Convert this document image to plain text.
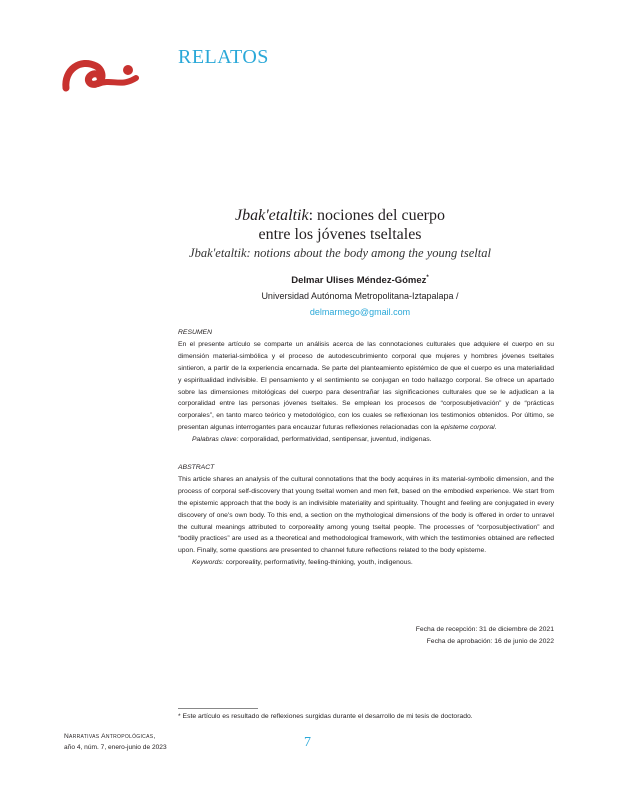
RELATOS
Jbak'etaltik: nociones del cuerpo
entre los jóvenes tseltales
Jbak'etaltik: notions about the body among the young tseltal
Delmar Ulises Méndez-Gómez*
Universidad Autónoma Metropolitana-Iztapalapa /
delmarmego@gmail.com
RESUMEN
En el presente artículo se comparte un análisis acerca de las connotaciones culturales que adquiere el cuerpo en su dimensión material-simbólica y el proceso de autodescubrimiento corporal que mujeres y hombres jóvenes tseltales sintieron, a partir de la experiencia encarnada. Se parte del planteamiento epistémico de que el cuerpo es una materialidad y espiritualidad indivisible. El pensamiento y el sentimiento se conjugan en todo hallazgo corporal. Se ofrece un apartado sobre las dimensiones mitológicas del cuerpo para desentrañar las significaciones culturales que se le adjudican a la corporalidad entre las personas jóvenes tseltales. Se emplean los procesos de “corposubjetivación” y de “prácticas corporales”, en tanto marco teórico y metodológico, con los cuales se reflexionan los testimonios obtenidos. Por último, se presentan algunas interrogantes para encauzar futuras reflexiones relacionadas con la episteme corporal.
Palabras clave: corporalidad, performatividad, sentipensar, juventud, indígenas.
ABSTRACT
This article shares an analysis of the cultural connotations that the body acquires in its material-symbolic dimension, and the process of corporal self-discovery that young tseltal women and men felt, based on the embodied experience. We start from the epistemic approach that the body is an indivisible materiality and spirituality. Thought and feeling are conjugated in every discovery of one's own body. To this end, a section on the mythological dimensions of the body is offered in order to unravel the cultural meanings attributed to corporeality among young tseltal people. The processes of “corposubjectivation” and “bodily practices” are used as a theoretical and methodological framework, with which the testimonies obtained are reflected upon. Finally, some questions are presented to channel future reflections related to the body episteme.
Keywords: corporeality, performativity, feeling-thinking, youth, indigenous.
Fecha de recepción: 31 de diciembre de 2021
Fecha de aprobación: 16 de junio de 2022
* Este artículo es resultado de reflexiones surgidas durante el desarrollo de mi tesis de doctorado.
Narrativas Antropológicas,
año 4, núm. 7, enero-junio de 2023	7
